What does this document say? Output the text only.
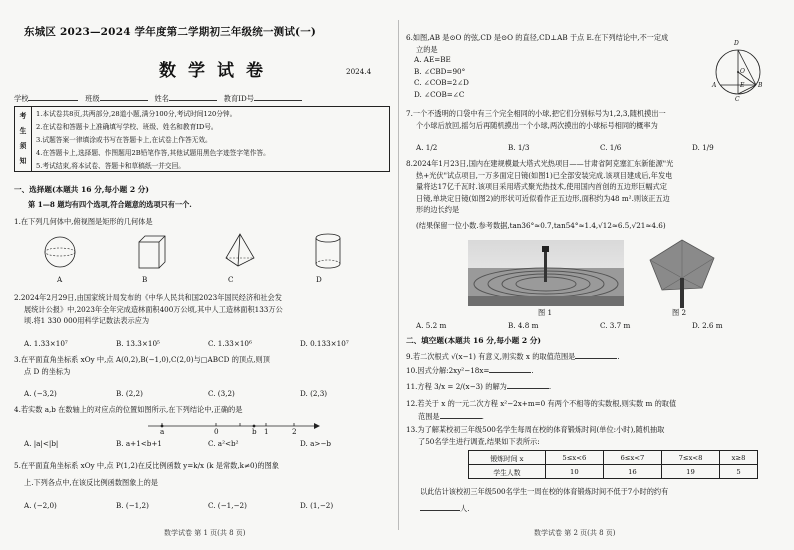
东城区 2023—2024 学年度第二学期初三年级统一测试(一)
数学试卷	2024.4
学校	班级	姓名	教育ID号
考
生
须
知
	1.本试卷共8页,共两部分,28道小题,满分100分,考试时间120分钟。
2.在试卷和答题卡上准确填写学校、班级、姓名和教育ID号。
3.试题答案一律填涂或书写在答题卡上,在试卷上作答无效。
4.在答题卡上,选择题、作图题用2B铅笔作答,其他试题用黑色字迹签字笔作答。
5.考试结束,将本试卷、答题卡和草稿纸一并交回。
一、选择题(本题共 16 分,每小题 2 分)
第 1—8 题均有四个选项,符合题意的选项只有一个.
1.在下列几何体中,俯视图是矩形的几何体是
A	B	C	D
2.2024年2月29日,由国家统计局发布的《中华人民共和国2023年国民经济和社会发
展统计公报》中,2023年全年完成造林面积400万公顷,其中人工造林面积133万公
顷.将1 330 000用科学记数法表示应为
A. 1.33×10⁷	B. 13.3×10⁵	C. 1.33×10⁶	D. 0.133×10⁷
3.在平面直角坐标系 xOy 中,点 A(0,2),B(−1,0),C(2,0)与□ABCD 的顶点,则顶
点 D 的坐标为
A. (−3,2)	B. (2,2)	C. (3,2)	D. (2,3)
4.若实数 a,b 在数轴上的对应点的位置如图所示,在下列结论中,正确的是
a	0	b 1	2
A. |a|<|b|	B. a+1<b+1	C. a²<b²	D. a>−b
5.在平面直角坐标系 xOy 中,点 P(1,2)在反比例函数 y=k/x (k 是常数,k≠0)的图象
上.下列各点中,在该反比例函数图象上的是
A. (−2,0)	B. (−1,2)	C. (−1,−2)	D. (1,−2)
数学试卷 第 1 页(共 8 页)
6.如图,AB 是⊙O 的弦,CD 是⊙O 的直径,CD⊥AB 于点 E.在下列结论中,不一定成
立的是
A. AE=BE
B. ∠CBD=90°
C. ∠COB=2∠D
D. ∠COB=∠C
D
A
O
E B
C
7.一个不透明的口袋中有三个完全相同的小球,把它们分别标号为1,2,3,随机摸出一
个小球后放回,摇匀后再随机摸出一个小球,两次摸出的小球标号相同的概率为
A. 1/2	B. 1/3	C. 1/6	D. 1/9
8.2024年1月23日,国内在建规模最大塔式光热项目——甘肃省阿克塞汇东新能源"光
热+光伏"试点项目,一万多面定日镜(如图1)已全部安装完成.该项目建成后,年发电
量将达17亿千瓦时.该项目采用塔式聚光热技术,使用国内首创的五边形巨幅式定
日镜,单块定日镜(如图2)的形状可近似看作正五边形,面积约为48 m².则该正五边
形的边长约是
(结果保留一位小数.参考数据,tan36°≈0.7,tan54°≈1.4,√12≈6.5,√21≈4.6)
图 1	图 2
A. 5.2 m	B. 4.8 m	C. 3.7 m	D. 2.6 m
二、填空题(本题共 16 分,每小题 2 分)
9.若二次根式 √(x−1) 有意义,则实数 x 的取值范围是	.
10.因式分解:2xy²−18x=	.
11.方程 3/x = 2/(x−3) 的解为	.
12.若关于 x 的一元二次方程 x²−2x+m=0 有两个不相等的实数根,则实数 m 的取值
范围是	.
13.为了解某校初三年级500名学生每周在校的体育锻炼时间(单位:小时),随机抽取
了50名学生进行调查,结果如下表所示:
锻炼时间 x	5≤x<6	6≤x<7	7≤x<8	x≥8
学生人数	10	16	19	5
以此估计该校初三年级500名学生一周在校的体育锻炼时间不低于7小时的约有
人.
数学试卷 第 2 页(共 8 页)
